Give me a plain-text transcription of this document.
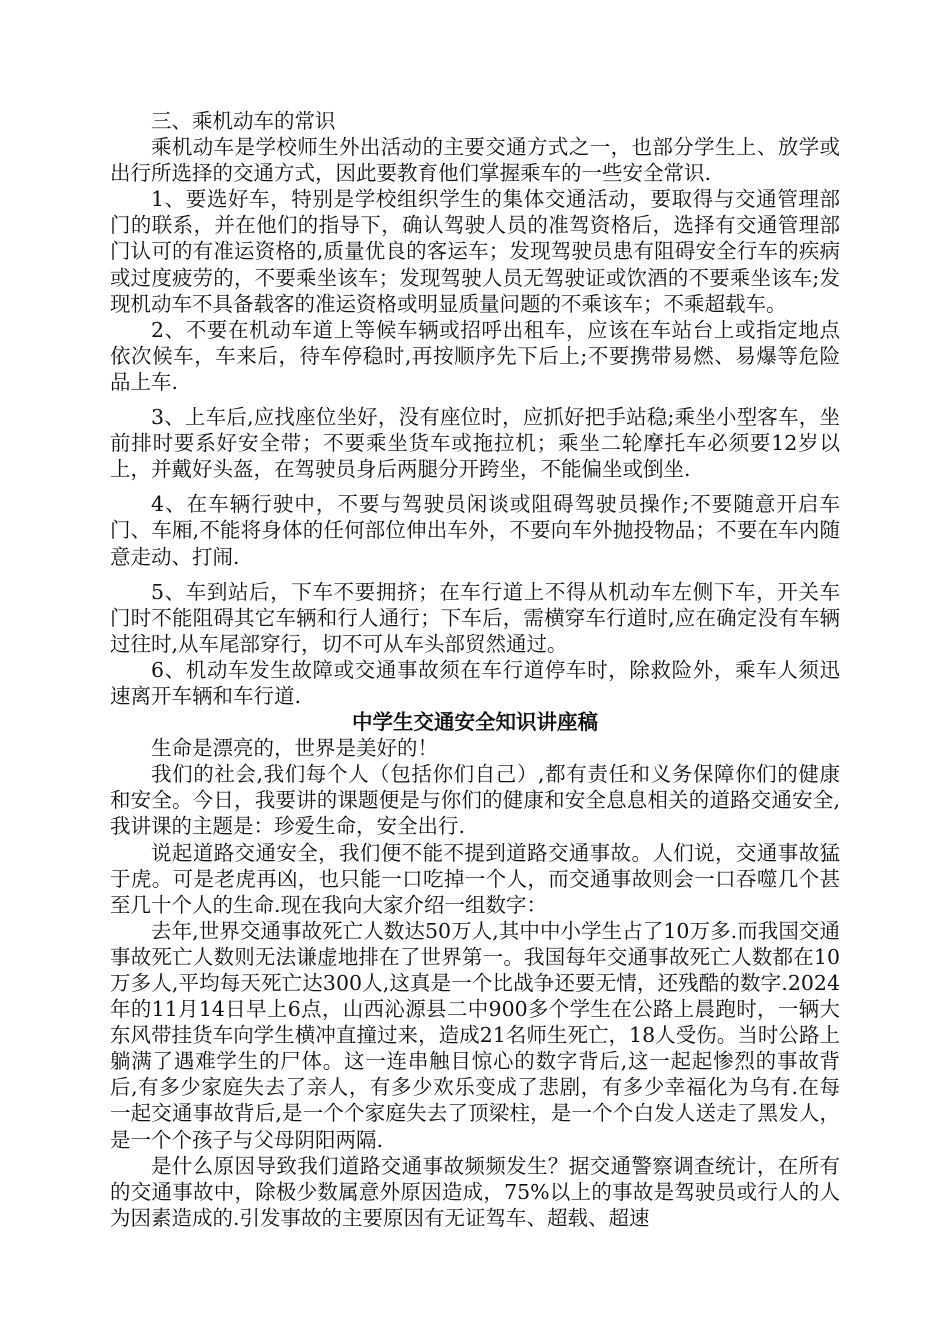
三、乘机动车的常识

乘机动车是学校师生外出活动的主要交通方式之一，也部分学生上、放学或出行所选择的交通方式，因此要教育他们掌握乘车的一些安全常识.

1、要选好车，特别是学校组织学生的集体交通活动，要取得与交通管理部门的联系，并在他们的指导下，确认驾驶人员的准驾资格后，选择有交通管理部门认可的有准运资格的,质量优良的客运车；发现驾驶员患有阻碍安全行车的疾病或过度疲劳的，不要乘坐该车；发现驾驶人员无驾驶证或饮酒的不要乘坐该车;发现机动车不具备载客的准运资格或明显质量问题的不乘该车；不乘超载车。

2、不要在机动车道上等候车辆或招呼出租车，应该在车站台上或指定地点依次候车，车来后，待车停稳时,再按顺序先下后上;不要携带易燃、易爆等危险品上车.

3、上车后,应找座位坐好，没有座位时，应抓好把手站稳;乘坐小型客车，坐前排时要系好安全带；不要乘坐货车或拖拉机；乘坐二轮摩托车必须要12岁以上，并戴好头盔，在驾驶员身后两腿分开跨坐，不能偏坐或倒坐.

4、在车辆行驶中，不要与驾驶员闲谈或阻碍驾驶员操作;不要随意开启车门、车厢,不能将身体的任何部位伸出车外，不要向车外抛投物品；不要在车内随意走动、打闹.

5、车到站后，下车不要拥挤；在车行道上不得从机动车左侧下车，开关车门时不能阻碍其它车辆和行人通行；下车后，需横穿车行道时,应在确定没有车辆过往时,从车尾部穿行，切不可从车头部贸然通过。

6、机动车发生故障或交通事故须在车行道停车时，除救险外，乘车人须迅速离开车辆和车行道.

中学生交通安全知识讲座稿

生命是漂亮的，世界是美好的！

我们的社会,我们每个人（包括你们自己）,都有责任和义务保障你们的健康和安全。今日，我要讲的课题便是与你们的健康和安全息息相关的道路交通安全,我讲课的主题是：珍爱生命，安全出行.

说起道路交通安全，我们便不能不提到道路交通事故。人们说，交通事故猛于虎。可是老虎再凶，也只能一口吃掉一个人，而交通事故则会一口吞噬几个甚至几十个人的生命.现在我向大家介绍一组数字：

去年,世界交通事故死亡人数达50万人,其中中小学生占了10万多.而我国交通事故死亡人数则无法谦虚地排在了世界第一。我国每年交通事故死亡人数都在10万多人,平均每天死亡达300人,这真是一个比战争还要无情，还残酷的数字.2024年的11月14日早上6点，山西沁源县二中900多个学生在公路上晨跑时，一辆大东风带挂货车向学生横冲直撞过来，造成21名师生死亡，18人受伤。当时公路上躺满了遇难学生的尸体。这一连串触目惊心的数字背后,这一起起惨烈的事故背后,有多少家庭失去了亲人，有多少欢乐变成了悲剧，有多少幸福化为乌有.在每一起交通事故背后,是一个个家庭失去了顶梁柱，是一个个白发人送走了黑发人，是一个个孩子与父母阴阳两隔.

是什么原因导致我们道路交通事故频频发生？据交通警察调查统计，在所有的交通事故中，除极少数属意外原因造成，75%以上的事故是驾驶员或行人的人为因素造成的.引发事故的主要原因有无证驾车、超载、超速
